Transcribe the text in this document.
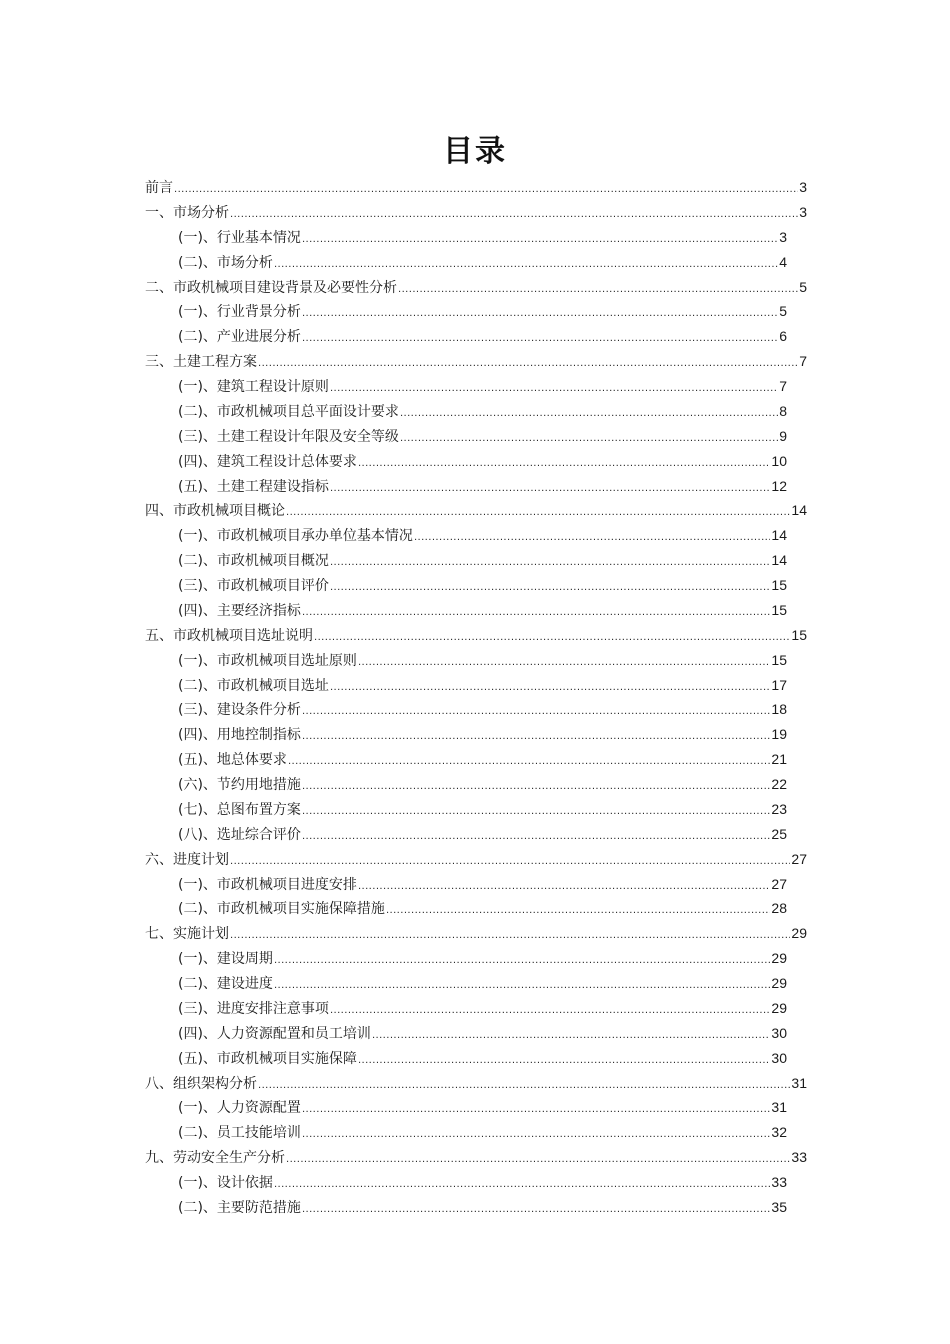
目录
前言 .....	3
一、市场分析 .....	3
(一)、行业基本情况 .....	3
(二)、市场分析 .....	4
二、市政机械项目建设背景及必要性分析 .....	5
(一)、行业背景分析 .....	5
(二)、产业进展分析 .....	6
三、土建工程方案 .....	7
(一)、建筑工程设计原则 .....	7
(二)、市政机械项目总平面设计要求 .....	8
(三)、土建工程设计年限及安全等级 .....	9
(四)、建筑工程设计总体要求 .....	10
(五)、土建工程建设指标 .....	12
四、市政机械项目概论 .....	14
(一)、市政机械项目承办单位基本情况 .....	14
(二)、市政机械项目概况 .....	14
(三)、市政机械项目评价 .....	15
(四)、主要经济指标 .....	15
五、市政机械项目选址说明 .....	15
(一)、市政机械项目选址原则 .....	15
(二)、市政机械项目选址 .....	17
(三)、建设条件分析 .....	18
(四)、用地控制指标 .....	19
(五)、地总体要求 .....	21
(六)、节约用地措施 .....	22
(七)、总图布置方案 .....	23
(八)、选址综合评价 .....	25
六、进度计划 .....	27
(一)、市政机械项目进度安排 .....	27
(二)、市政机械项目实施保障措施 .....	28
七、实施计划 .....	29
(一)、建设周期 .....	29
(二)、建设进度 .....	29
(三)、进度安排注意事项 .....	29
(四)、人力资源配置和员工培训 .....	30
(五)、市政机械项目实施保障 .....	30
八、组织架构分析 .....	31
(一)、人力资源配置 .....	31
(二)、员工技能培训 .....	32
九、劳动安全生产分析 .....	33
(一)、设计依据 .....	33
(二)、主要防范措施 .....	35
